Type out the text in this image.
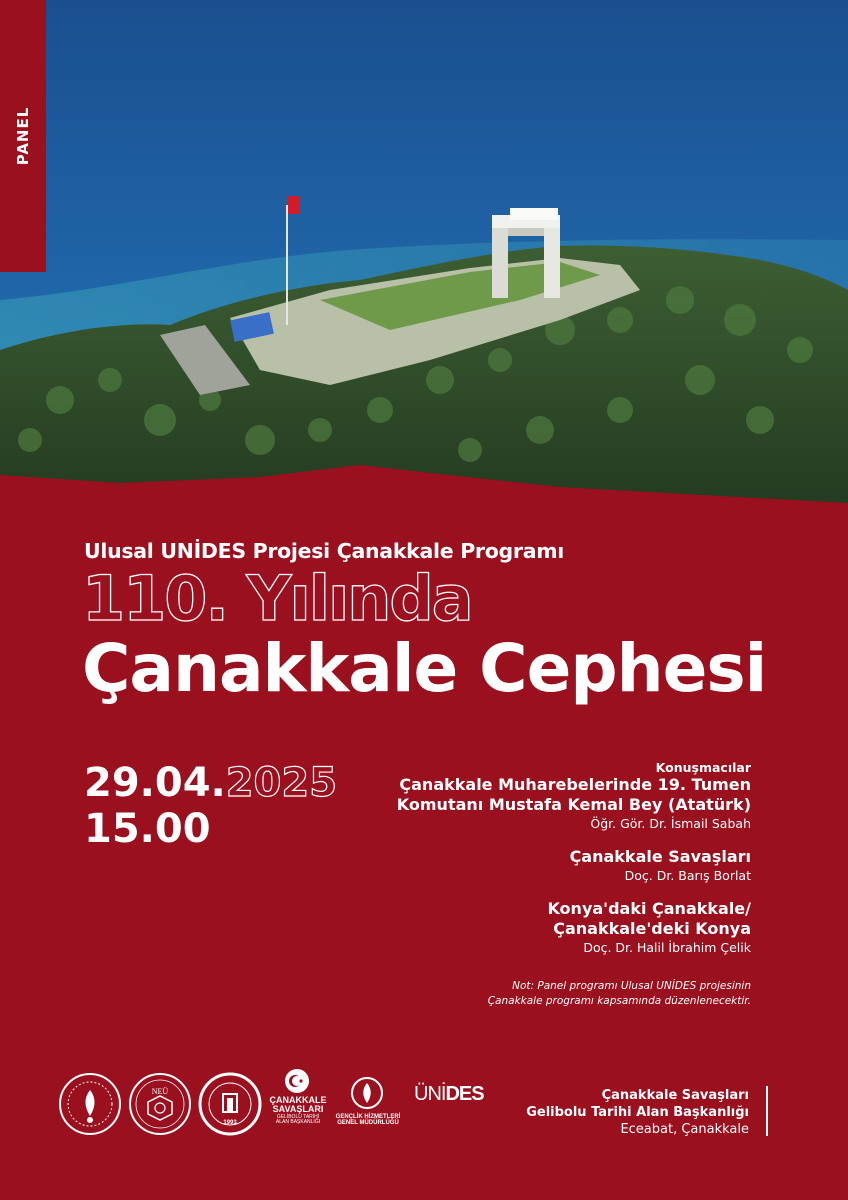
PANEL
Ulusal UNİDES Projesi Çanakkale Programı
110. Yılında
Çanakkale Cephesi
29.04.2025
15.00
Konuşmacılar
Çanakkale Muharebelerinde 19. Tumen
Komutanı Mustafa Kemal Bey (Atatürk)
Öğr. Gör. Dr. İsmail Sabah
Çanakkale Savaşları
Doç. Dr. Barış Borlat
Konya'daki Çanakkale/
Çanakkale'deki Konya
Doç. Dr. Halil İbrahim Çelik
Not: Panel programı Ulusal UNİDES projesinin
Çanakkale programı kapsamında düzenlenecektir.
NEÜ
1993
ÇANAKKALE
SAVAŞLARI
GELİBOLU TARİHİ
ALAN BAŞKANLIĞI
GENÇLİK HİZMETLERİ
GENEL MÜDÜRLÜĞÜ
ÜNİDES	Çanakkale Savaşları
Gelibolu Tarihi Alan Başkanlığı
Eceabat, Çanakkale
